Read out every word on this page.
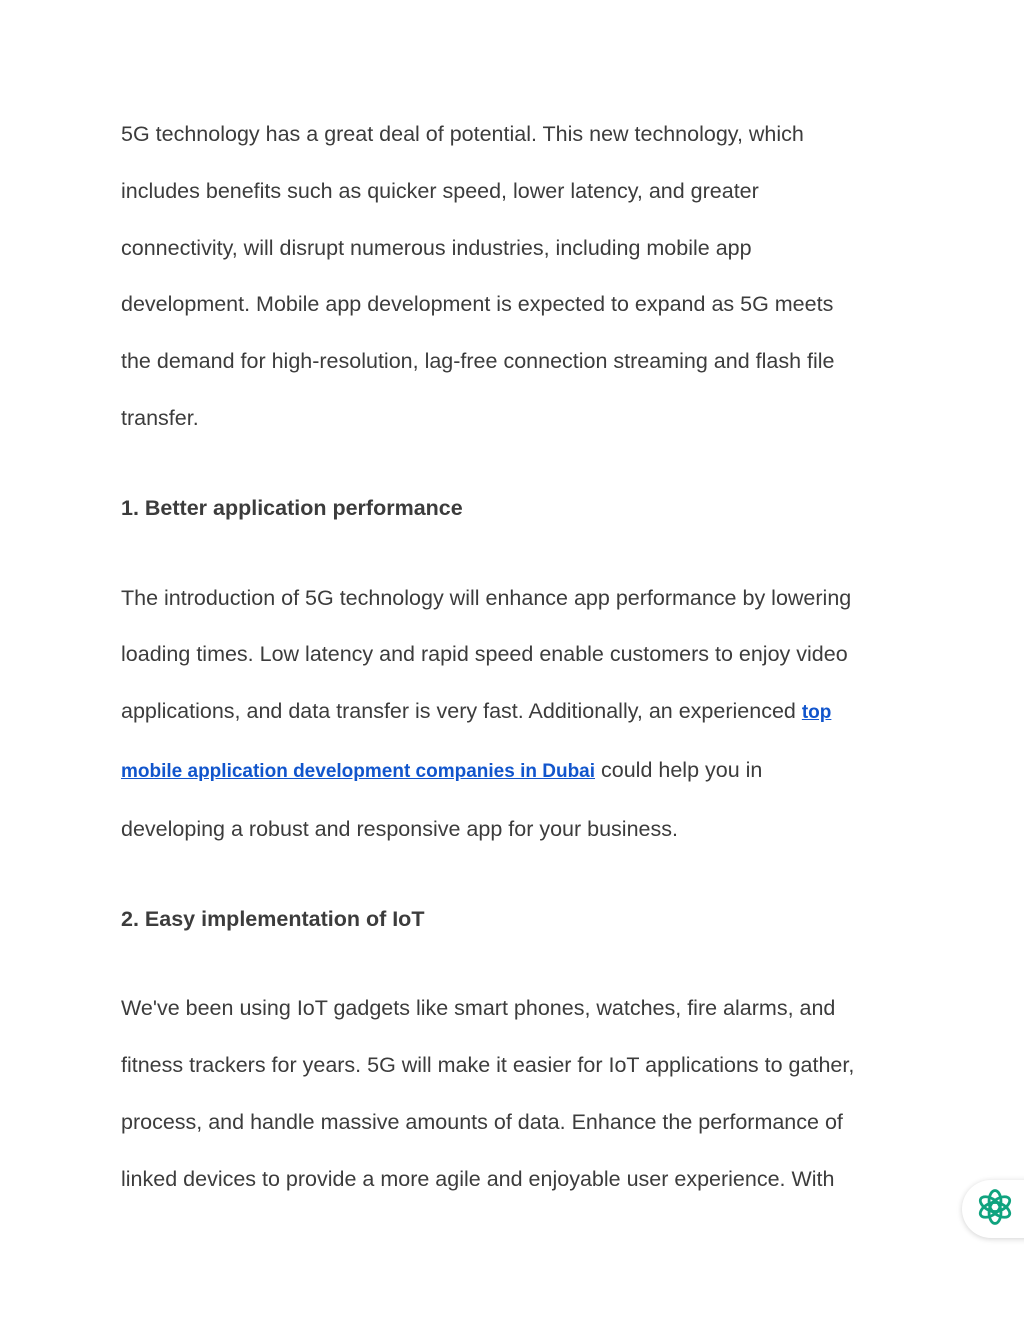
5G technology has a great deal of potential. This new technology, which

includes benefits such as quicker speed, lower latency, and greater

connectivity, will disrupt numerous industries, including mobile app

development. Mobile app development is expected to expand as 5G meets

the demand for high-resolution, lag-free connection streaming and flash file

transfer.

1. Better application performance

The introduction of 5G technology will enhance app performance by lowering

loading times. Low latency and rapid speed enable customers to enjoy video

applications, and data transfer is very fast. Additionally, an experienced top

mobile application development companies in Dubai could help you in

developing a robust and responsive app for your business.

2. Easy implementation of IoT

We've been using IoT gadgets like smart phones, watches, fire alarms, and

fitness trackers for years. 5G will make it easier for IoT applications to gather,

process, and handle massive amounts of data. Enhance the performance of

linked devices to provide a more agile and enjoyable user experience. With
